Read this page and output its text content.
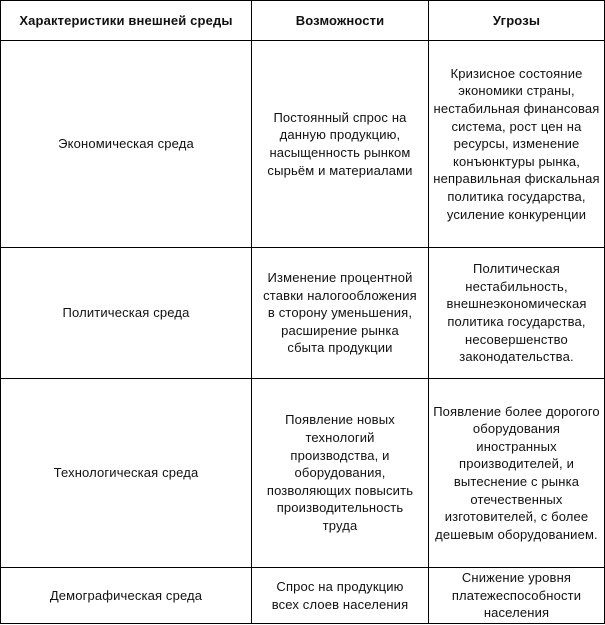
Характеристики внешней среды	Возможности	Угрозы
Экономическая среда	Постоянный спрос на данную продукцию, насыщенность рынком сырьём и материалами	Кризисное состояние экономики страны, нестабильная финансовая система, рост цен на ресурсы, изменение конъюнктуры рынка, неправильная фискальная политика государства, усиление конкуренции
Политическая среда	Изменение процентной ставки налогообложения в сторону уменьшения, расширение рынка сбыта продукции	Политическая нестабильность, внешнеэкономическая политика государства, несовершенство законодательства.
Технологическая среда	Появление новых технологий производства, и оборудования, позволяющих повысить производительность труда	Появление более дорогого оборудования иностранных производителей, и вытеснение с рынка отечественных изготовителей, с более дешевым оборудованием.
Демографическая среда	Спрос на продукцию всех слоев населения	Снижение уровня платежеспособности населения
